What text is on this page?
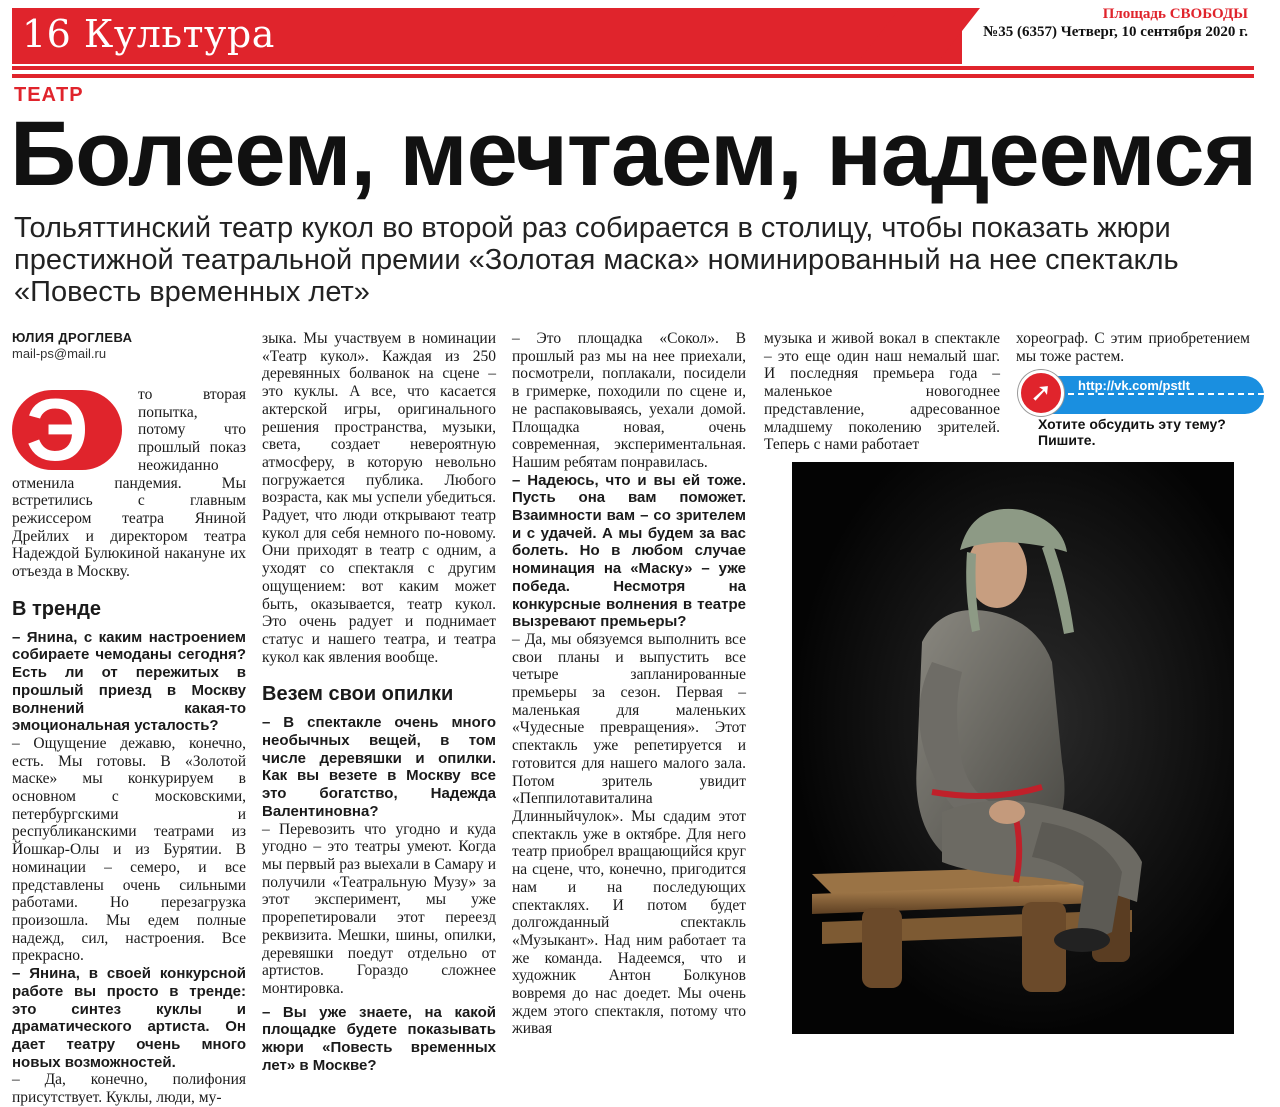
16 Культура	Площадь СВОБОДЫ
№35 (6357) Четверг, 10 сентября 2020 г.
ТЕАТР
Болеем, мечтаем, надеемся
Тольяттинский театр кукол во второй раз собирается в столицу, чтобы показать жюри престижной театральной премии «Золотая маска» номинированный на нее спектакль «Повесть временных лет»
ЮЛИЯ ДРОГЛЕВА
mail-ps@mail.ru
Э	то вторая попытка, потому что прошлый показ неожиданно отменила пандемия. Мы встретились с главным режиссером театра Яниной Дрейлих и директором театра Надеждой Булюкиной накануне их отъезда в Москву.

В тренде

– Янина, с каким настроением собираете чемоданы сегодня? Есть ли от пережитых в прошлый приезд в Москву волнений какая-то эмоциональная усталость?

– Ощущение дежавю, конечно, есть. Мы готовы. В «Золотой маске» мы конкурируем в основном с московскими, петербургскими и республиканскими театрами из Йошкар-Олы и из Бурятии. В номинации – семеро, и все представлены очень сильными работами. Но перезагрузка произошла. Мы едем полные надежд, сил, настроения. Все прекрасно.

– Янина, в своей конкурсной работе вы просто в тренде: это синтез куклы и драматического артиста. Он дает театру очень много новых возможностей.

– Да, конечно, полифония присутствует. Куклы, люди, му-

зыка. Мы участвуем в номинации «Театр кукол». Каждая из 250 деревянных болванок на сцене – это куклы. А все, что касается актерской игры, оригинального решения пространства, музыки, света, создает невероятную атмосферу, в которую невольно погружается публика. Любого возраста, как мы успели убедиться. Радует, что люди открывают театр кукол для себя немного по-новому. Они приходят в театр с одним, а уходят со спектакля с другим ощущением: вот каким может быть, оказывается, театр кукол. Это очень радует и поднимает статус и нашего театра, и театра кукол как явления вообще.

Везем свои опилки

– В спектакле очень много необычных вещей, в том числе деревяшки и опилки. Как вы везете в Москву все это богатство, Надежда Валентиновна?

– Перевозить что угодно и куда угодно – это театры умеют. Когда мы первый раз выехали в Самару и получили «Театральную Музу» за этот эксперимент, мы уже прорепетировали этот переезд реквизита. Мешки, шины, опилки, деревяшки поедут отдельно от артистов. Гораздо сложнее монтировка.

– Вы уже знаете, на какой площадке будете показывать жюри «Повесть временных лет» в Москве?

– Это площадка «Сокол». В прошлый раз мы на нее приехали, посмотрели, поплакали, посидели в гримерке, походили по сцене и, не распаковываясь, уехали домой. Площадка новая, очень современная, экспериментальная. Нашим ребятам понравилась.

– Надеюсь, что и вы ей тоже. Пусть она вам поможет. Взаимности вам – со зрителем и с удачей. А мы будем за вас болеть. Но в любом случае номинация на «Маску» – уже победа. Несмотря на конкурсные волнения в театре вызревают премьеры?

– Да, мы обязуемся выполнить все свои планы и выпустить все четыре запланированные премьеры за сезон. Первая – маленькая для маленьких «Чудесные превращения». Этот спектакль уже репетируется и готовится для нашего малого зала. Потом зритель увидит «Пеппилотавиталина Длинныйчулок». Мы сдадим этот спектакль уже в октябре. Для него театр приобрел вращающийся круг на сцене, что, конечно, пригодится нам и на последующих спектаклях. И потом будет долгожданный спектакль «Музыкант». Над ним работает та же команда. Надеемся, что и художник Антон Болкунов вовремя до нас доедет. Мы очень ждем этого спектакля, потому что живая

музыка и живой вокал в спектакле – это еще один наш немалый шаг. И последняя премьера года – маленькое новогоднее представление, адресованное младшему поколению зрителей. Теперь с нами работает

хореограф. С этим приобретением мы тоже растем.

http://vk.com/pstlt
➚
Хотите обсудить эту тему? Пишите.
